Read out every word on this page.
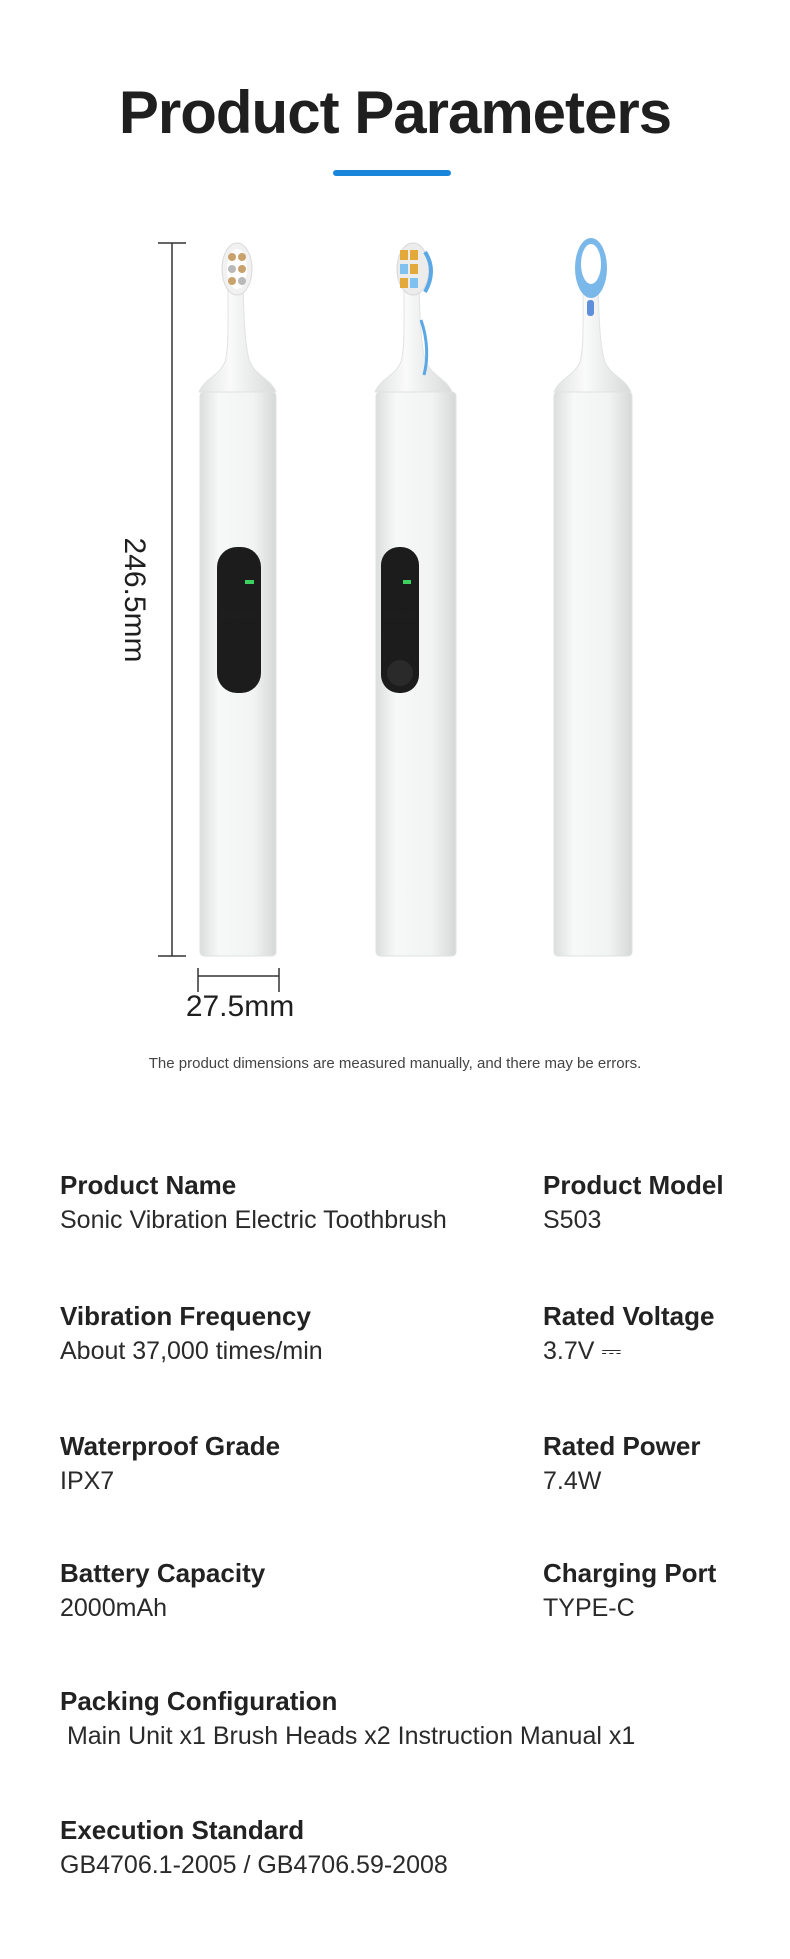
Product Parameters
246.5mm
27.5mm
Dcbrush	Dcbrush
The product dimensions are measured manually, and there may be errors.
Product Name
Sonic Vibration Electric Toothbrush
Product Model
S503
Vibration Frequency
About 37,000 times/min
Rated Voltage
3.7V ⎓
Waterproof Grade
IPX7
Rated Power
7.4W
Battery Capacity
2000mAh
Charging Port
TYPE-C
Packing Configuration
Main Unit x1 Brush Heads x2 Instruction Manual x1
Execution Standard
GB4706.1-2005 / GB4706.59-2008
